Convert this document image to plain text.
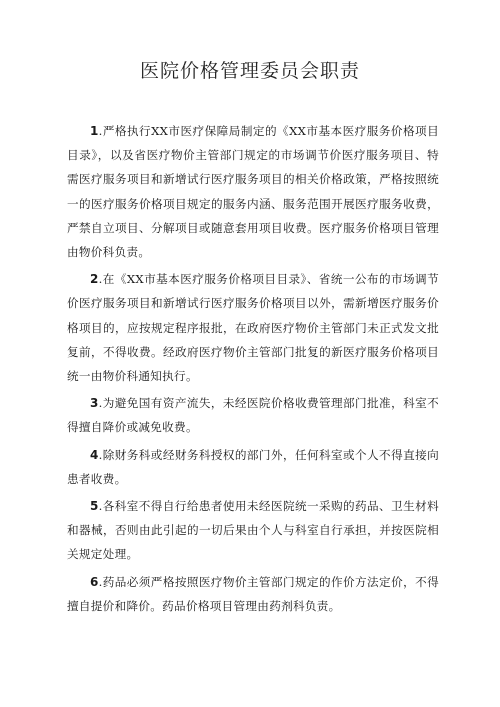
医院价格管理委员会职责

1.严格执行XX市医疗保障局制定的《XX市基本医疗服务价格项目目录》，以及省医疗物价主管部门规定的市场调节价医疗服务项目、特需医疗服务项目和新增试行医疗服务项目的相关价格政策，严格按照统一的医疗服务价格项目规定的服务内涵、服务范围开展医疗服务收费，严禁自立项目、分解项目或随意套用项目收费。医疗服务价格项目管理由物价科负责。

2.在《XX市基本医疗服务价格项目目录》、省统一公布的市场调节价医疗服务项目和新增试行医疗服务价格项目以外，需新增医疗服务价格项目的，应按规定程序报批，在政府医疗物价主管部门未正式发文批复前，不得收费。经政府医疗物价主管部门批复的新医疗服务价格项目统一由物价科通知执行。

3.为避免国有资产流失，未经医院价格收费管理部门批准，科室不得擅自降价或减免收费。

4.除财务科或经财务科授权的部门外，任何科室或个人不得直接向患者收费。

5.各科室不得自行给患者使用未经医院统一采购的药品、卫生材料和器械，否则由此引起的一切后果由个人与科室自行承担，并按医院相关规定处理。

6.药品必须严格按照医疗物价主管部门规定的作价方法定价，不得擅自提价和降价。药品价格项目管理由药剂科负责。
